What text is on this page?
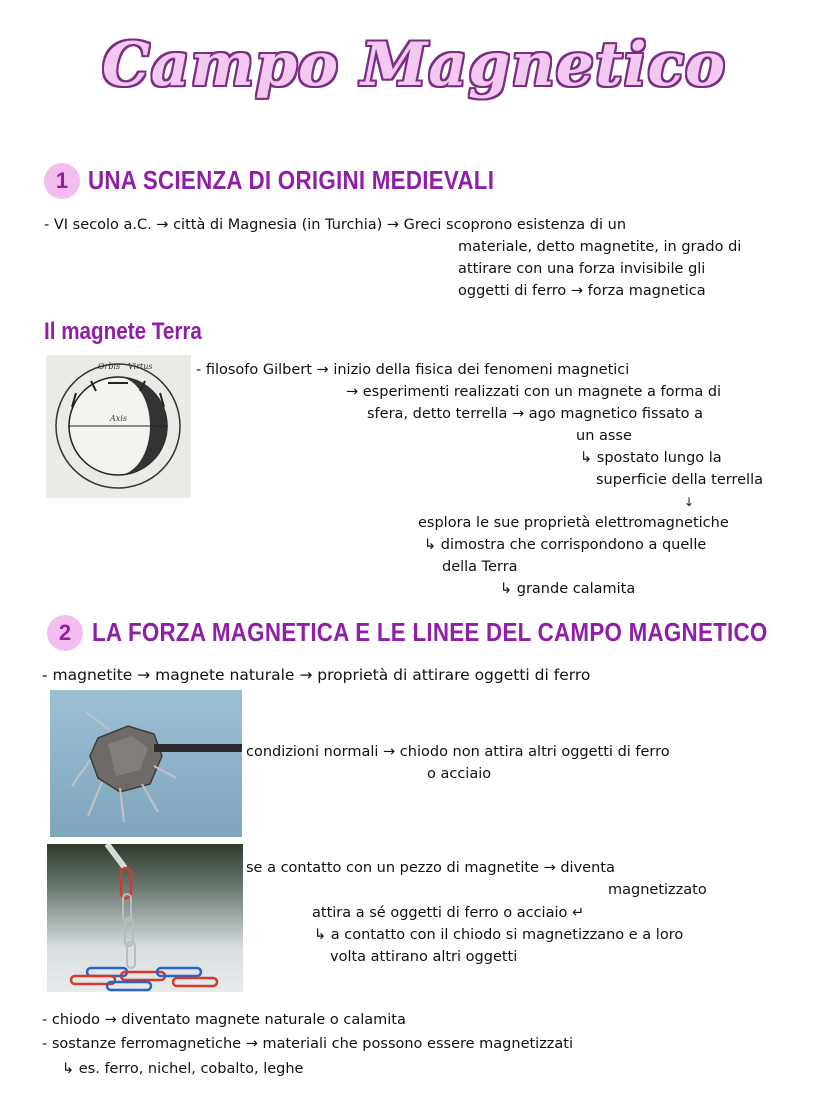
Campo Magnetico
1 UNA SCIENZA DI ORIGINI MEDIEVALI
- VI secolo a.C. → città di Magnesia (in Turchia) → Greci scoprono esistenza di un
materiale, detto magnetite, in grado di
attirare con una forza invisibile gli
oggetti di ferro → forza magnetica
Il magnete Terra
Orbis Virtus
Axis
- filosofo Gilbert → inizio della fisica dei fenomeni magnetici
→ esperimenti realizzati con un magnete a forma di
sfera, detto terrella → ago magnetico fissato a
un asse
↳ spostato lungo la
superficie della terrella
↓
esplora le sue proprietà elettromagnetiche
↳ dimostra che corrispondono a quelle
della Terra
↳ grande calamita
2 LA FORZA MAGNETICA E LE LINEE DEL CAMPO MAGNETICO
- magnetite → magnete naturale → proprietà di attirare oggetti di ferro
condizioni normali → chiodo non attira altri oggetti di ferro
o acciaio
se a contatto con un pezzo di magnetite → diventa
magnetizzato
attira a sé oggetti di ferro o acciaio ↵
↳ a contatto con il chiodo si magnetizzano e a loro
volta attirano altri oggetti
- chiodo → diventato magnete naturale o calamita
- sostanze ferromagnetiche → materiali che possono essere magnetizzati
↳ es. ferro, nichel, cobalto, leghe
